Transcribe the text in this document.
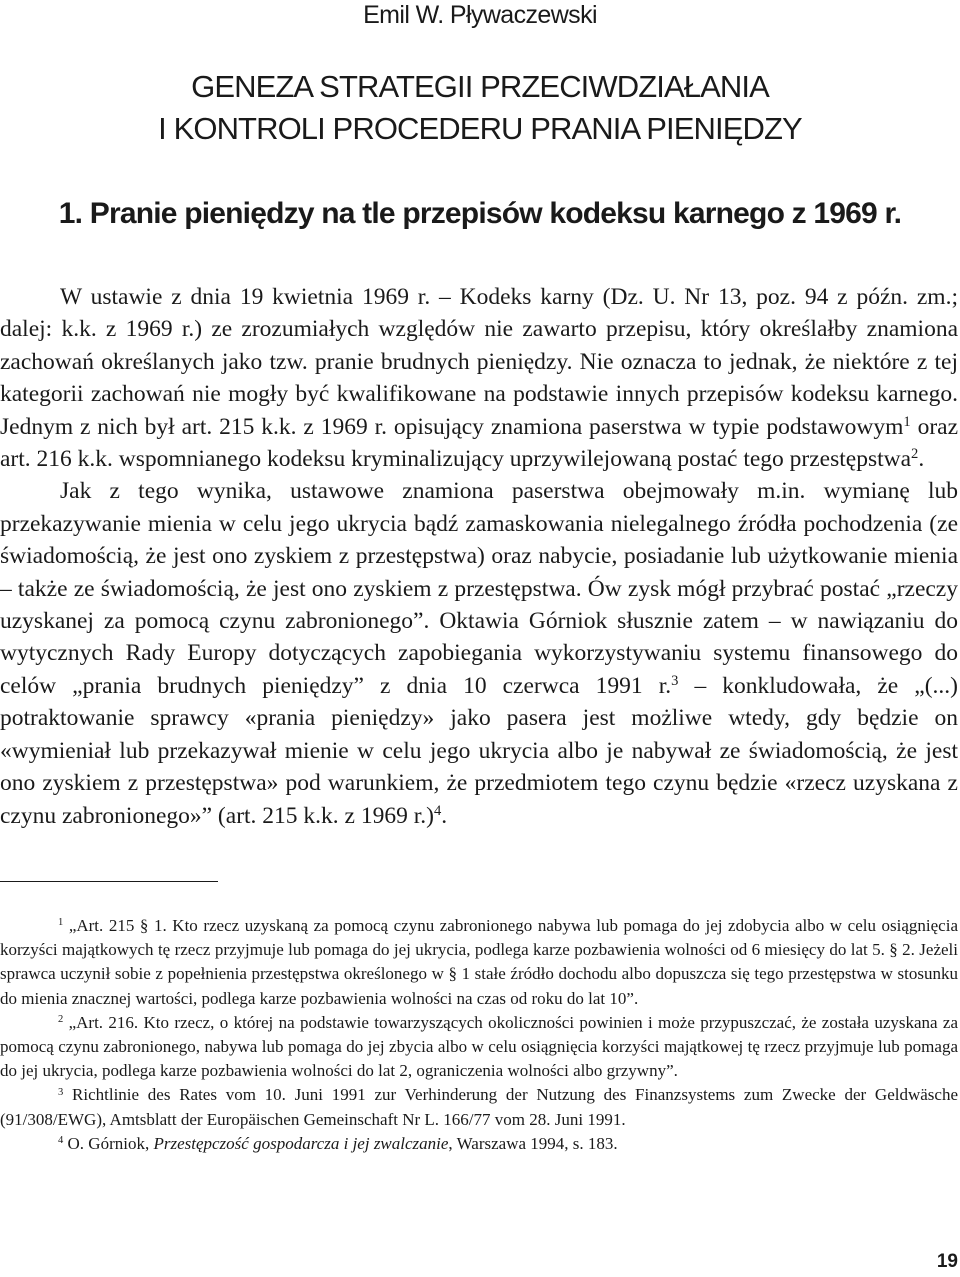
Emil W. Pływaczewski
GENEZA STRATEGII PRZECIWDZIAŁANIA
I KONTROLI PROCEDERU PRANIA PIENIĘDZY
1. Pranie pieniędzy na tle przepisów kodeksu karnego z 1969 r.

W ustawie z dnia 19 kwietnia 1969 r. – Kodeks karny (Dz. U. Nr 13, poz. 94 z późn. zm.; dalej: k.k. z 1969 r.) ze zrozumiałych względów nie zawarto przepisu, który określałby znamiona zachowań określanych jako tzw. pranie brudnych pieniędzy. Nie oznacza to jednak, że niektóre z tej kategorii zachowań nie mogły być kwalifikowane na podstawie innych przepisów kodeksu karnego. Jednym z nich był art. 215 k.k. z 1969 r. opisujący znamiona paserstwa w typie podstawowym$^1$ oraz art. 216 k.k. wspomnianego kodeksu kryminalizujący uprzywilejowaną postać tego przestępstwa$^2$.

Jak z tego wynika, ustawowe znamiona paserstwa obejmowały m.in. wymianę lub przekazywanie mienia w celu jego ukrycia bądź zamaskowania nielegalnego źródła pochodzenia (ze świadomością, że jest ono zyskiem z przestępstwa) oraz nabycie, posiadanie lub użytkowanie mienia – także ze świadomością, że jest ono zyskiem z przestępstwa. Ów zysk mógł przybrać postać „rzeczy uzyskanej za pomocą czynu zabronionego”. Oktawia Górniok słusznie zatem – w nawiązaniu do wytycznych Rady Europy dotyczących zapobiegania wykorzystywaniu systemu finansowego do celów „prania brudnych pieniędzy” z dnia 10 czerwca 1991 r.$^3$ – konkludowała, że „(...) potraktowanie sprawcy «prania pieniędzy» jako pasera jest możliwe wtedy, gdy będzie on «wymieniał lub przekazywał mienie w celu jego ukrycia albo je nabywał ze świadomością, że jest ono zyskiem z przestępstwa» pod warunkiem, że przedmiotem tego czynu będzie «rzecz uzyskana z czynu zabronionego»” (art. 215 k.k. z 1969 r.)$^4$.

$^1$ „Art. 215 § 1. Kto rzecz uzyskaną za pomocą czynu zabronionego nabywa lub pomaga do jej zdobycia albo w celu osiągnięcia korzyści majątkowych tę rzecz przyjmuje lub pomaga do jej ukrycia, podlega karze pozbawienia wolności od 6 miesięcy do lat 5. § 2. Jeżeli sprawca uczynił sobie z popełnienia przestępstwa określonego w § 1 stałe źródło dochodu albo dopuszcza się tego przestępstwa w stosunku do mienia znacznej wartości, podlega karze pozbawienia wolności na czas od roku do lat 10”.

$^2$ „Art. 216. Kto rzecz, o której na podstawie towarzyszących okoliczności powinien i może przypuszczać, że została uzyskana za pomocą czynu zabronionego, nabywa lub pomaga do jej zbycia albo w celu osiągnięcia korzyści majątkowej tę rzecz przyjmuje lub pomaga do jej ukrycia, podlega karze pozbawienia wolności do lat 2, ograniczenia wolności albo grzywny”.

$^3$ Richtlinie des Rates vom 10. Juni 1991 zur Verhinderung der Nutzung des Finanzsystems zum Zwecke der Geldwäsche (91/308/EWG), Amtsblatt der Europäischen Gemeinschaft Nr L. 166/77 vom 28. Juni 1991.

$^4$ O. Górniok, Przestępczość gospodarcza i jej zwalczanie, Warszawa 1994, s. 183.

19
